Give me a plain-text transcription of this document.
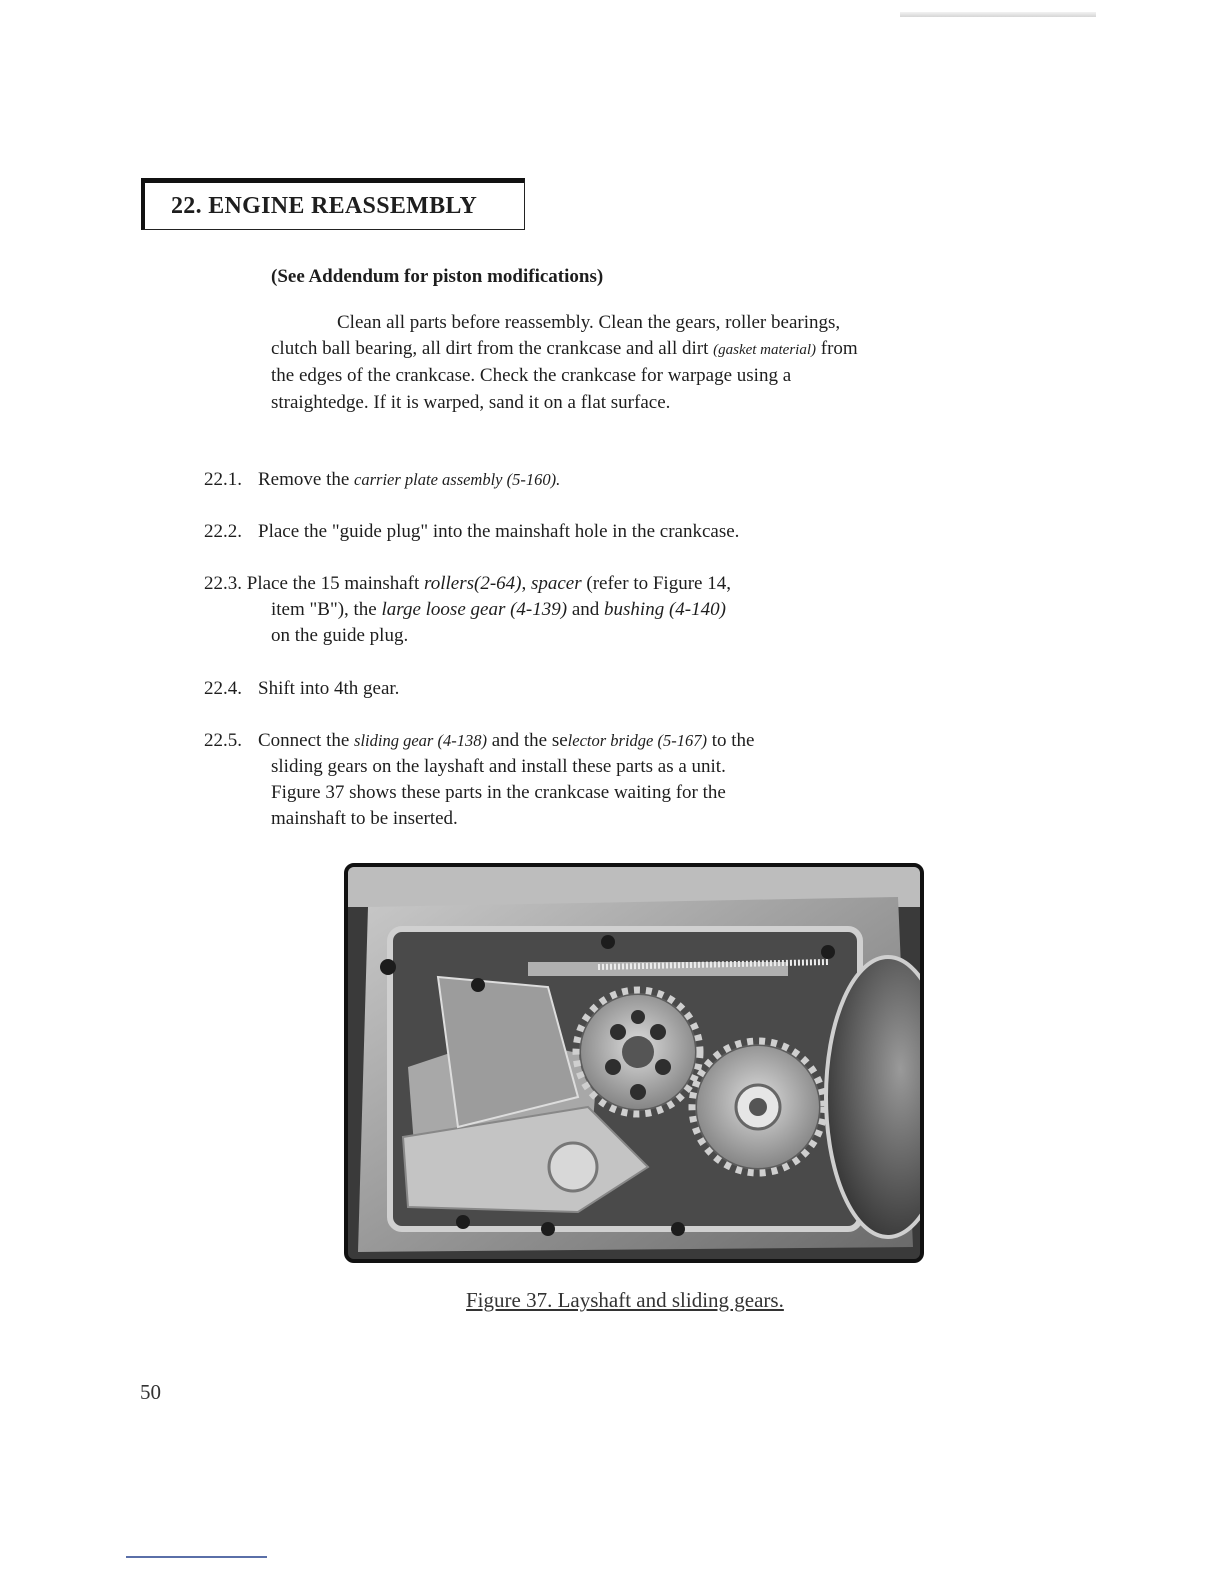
22. ENGINE REASSEMBLY
(See Addendum for piston modifications)
Clean all parts before reassembly. Clean the gears, roller bearings, clutch ball bearing, all dirt from the crankcase and all dirt (gasket material) from the edges of the crankcase. Check the crankcase for warpage using a straightedge. If it is warped, sand it on a flat surface.
22.1. Remove the carrier plate assembly (5-160).
22.2. Place the "guide plug" into the mainshaft hole in the crankcase.
22.3. Place the 15 mainshaft rollers(2-64), spacer (refer to Figure 14,
item "B"), the large loose gear (4-139) and bushing (4-140)
on the guide plug.
22.4. Shift into 4th gear.
22.5. Connect the sliding gear (4-138) and the selector bridge (5-167) to the
sliding gears on the layshaft and install these parts as a unit.
Figure 37 shows these parts in the crankcase waiting for the
mainshaft to be inserted.
Figure 37. Layshaft and sliding gears.
50
